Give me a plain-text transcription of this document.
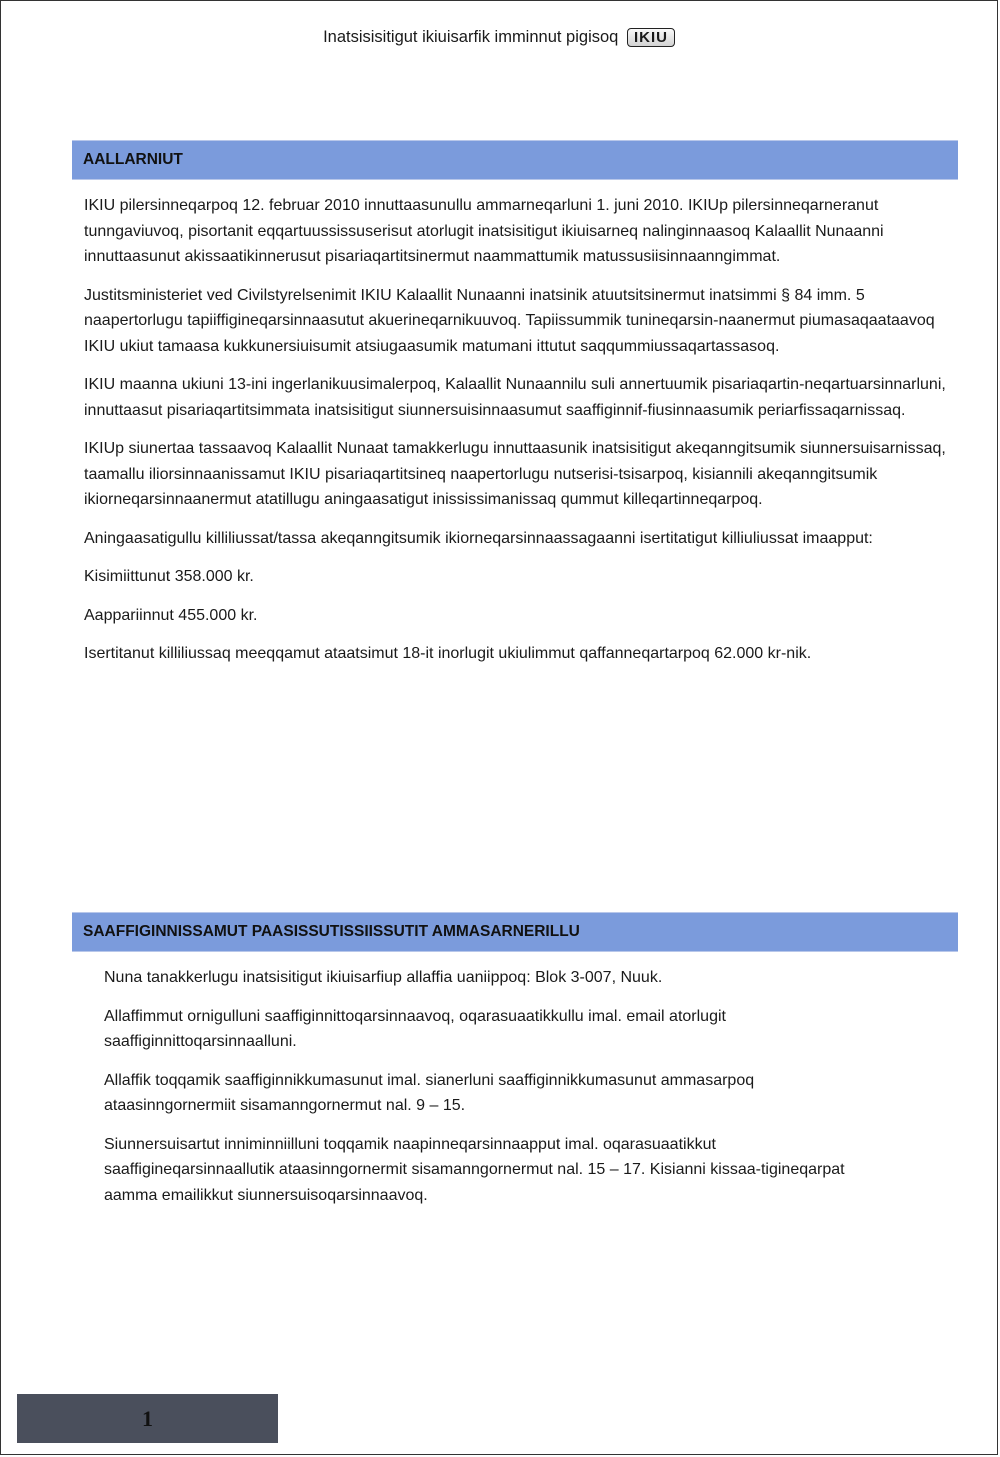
Inatsisisitigut ikiuisarfik imminnut pigisoq IKIU
AALLARNIUT

IKIU pilersinneqarpoq 12. februar 2010 innuttaasunullu ammarneqarluni 1. juni 2010. IKIUp pilersinneqarneranut tunngaviuvoq, pisortanit eqqartuussissuserisut atorlugit inatsisitigut ikiuisarneq nalinginnaasoq Kalaallit Nunaanni innuttaasunut akissaatikinnerusut pisariaqartitsinermut naammattumik matussusiisinnaanngimmat.

Justitsministeriet ved Civilstyrelsenimit IKIU Kalaallit Nunaanni inatsinik atuutsitsinermut inatsimmi § 84 imm. 5 naapertorlugu tapiiffigineqarsinnaasutut akuerineqarnikuuvoq. Tapiissummik tunineqarsin-naanermut piumasaqaataavoq IKIU ukiut tamaasa kukkunersiuisumit atsiugaasumik matumani ittutut saqqummiussaqartassasoq.

IKIU maanna ukiuni 13-ini ingerlanikuusimalerpoq, Kalaallit Nunaannilu suli annertuumik pisariaqartin-neqartuarsinnarluni, innuttaasut pisariaqartitsimmata inatsisitigut siunnersuisinnaasumut saaffiginnif-fiusinnaasumik periarfissaqarnissaq.

IKIUp siunertaa tassaavoq Kalaallit Nunaat tamakkerlugu innuttaasunik inatsisitigut akeqanngitsumik siunnersuisarnissaq, taamallu iliorsinnaanissamut IKIU pisariaqartitsineq naapertorlugu nutserisi-tsisarpoq, kisiannili akeqanngitsumik ikiorneqarsinnaanermut atatillugu aningaasatigut inississimanissaq qummut killeqartinneqarpoq.

Aningaasatigullu killiliussat/tassa akeqanngitsumik ikiorneqarsinnaassagaanni isertitatigut killiuliussat imaapput:

Kisimiittunut 358.000 kr.

Aappariinnut 455.000 kr.

Isertitanut killiliussaq meeqqamut ataatsimut 18-it inorlugit ukiulimmut qaffanneqartarpoq 62.000 kr-nik.

SAAFFIGINNISSAMUT PAASISSUTISSIISSUTIT AMMASARNERILLU

Nuna tanakkerlugu inatsisitigut ikiuisarfiup allaffia uaniippoq: Blok 3-007, Nuuk.

Allaffimmut ornigulluni saaffiginnittoqarsinnaavoq, oqarasuaatikkullu imal. email atorlugit saaffiginnittoqarsinnaalluni.

Allaffik toqqamik saaffiginnikkumasunut imal. sianerluni saaffiginnikkumasunut ammasarpoq ataasinngornermiit sisamanngornermut nal. 9 – 15.

Siunnersuisartut inniminniilluni toqqamik naapinneqarsinnaapput imal. oqarasuaatikkut saaffigineqarsinnaallutik ataasinngornermit sisamanngornermut nal. 15 – 17. Kisianni kissaa-tigineqarpat aamma emailikkut siunnersuisoqarsinnaavoq.

1
